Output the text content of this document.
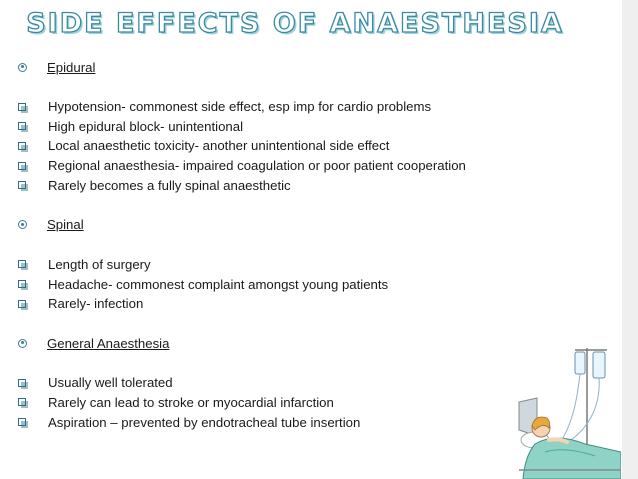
SIDE EFFECTS OF ANAESTHESIA
Epidural
Hypotension- commonest side effect, esp imp for cardio problems
High epidural block- unintentional
Local anaesthetic toxicity- another unintentional side effect
Regional anaesthesia- impaired coagulation or poor patient cooperation
Rarely becomes a fully spinal anaesthetic
Spinal
Length of surgery
Headache- commonest complaint amongst young patients
Rarely- infection
General Anaesthesia
Usually well tolerated
Rarely can lead to stroke or myocardial infarction
Aspiration – prevented by endotracheal tube insertion
